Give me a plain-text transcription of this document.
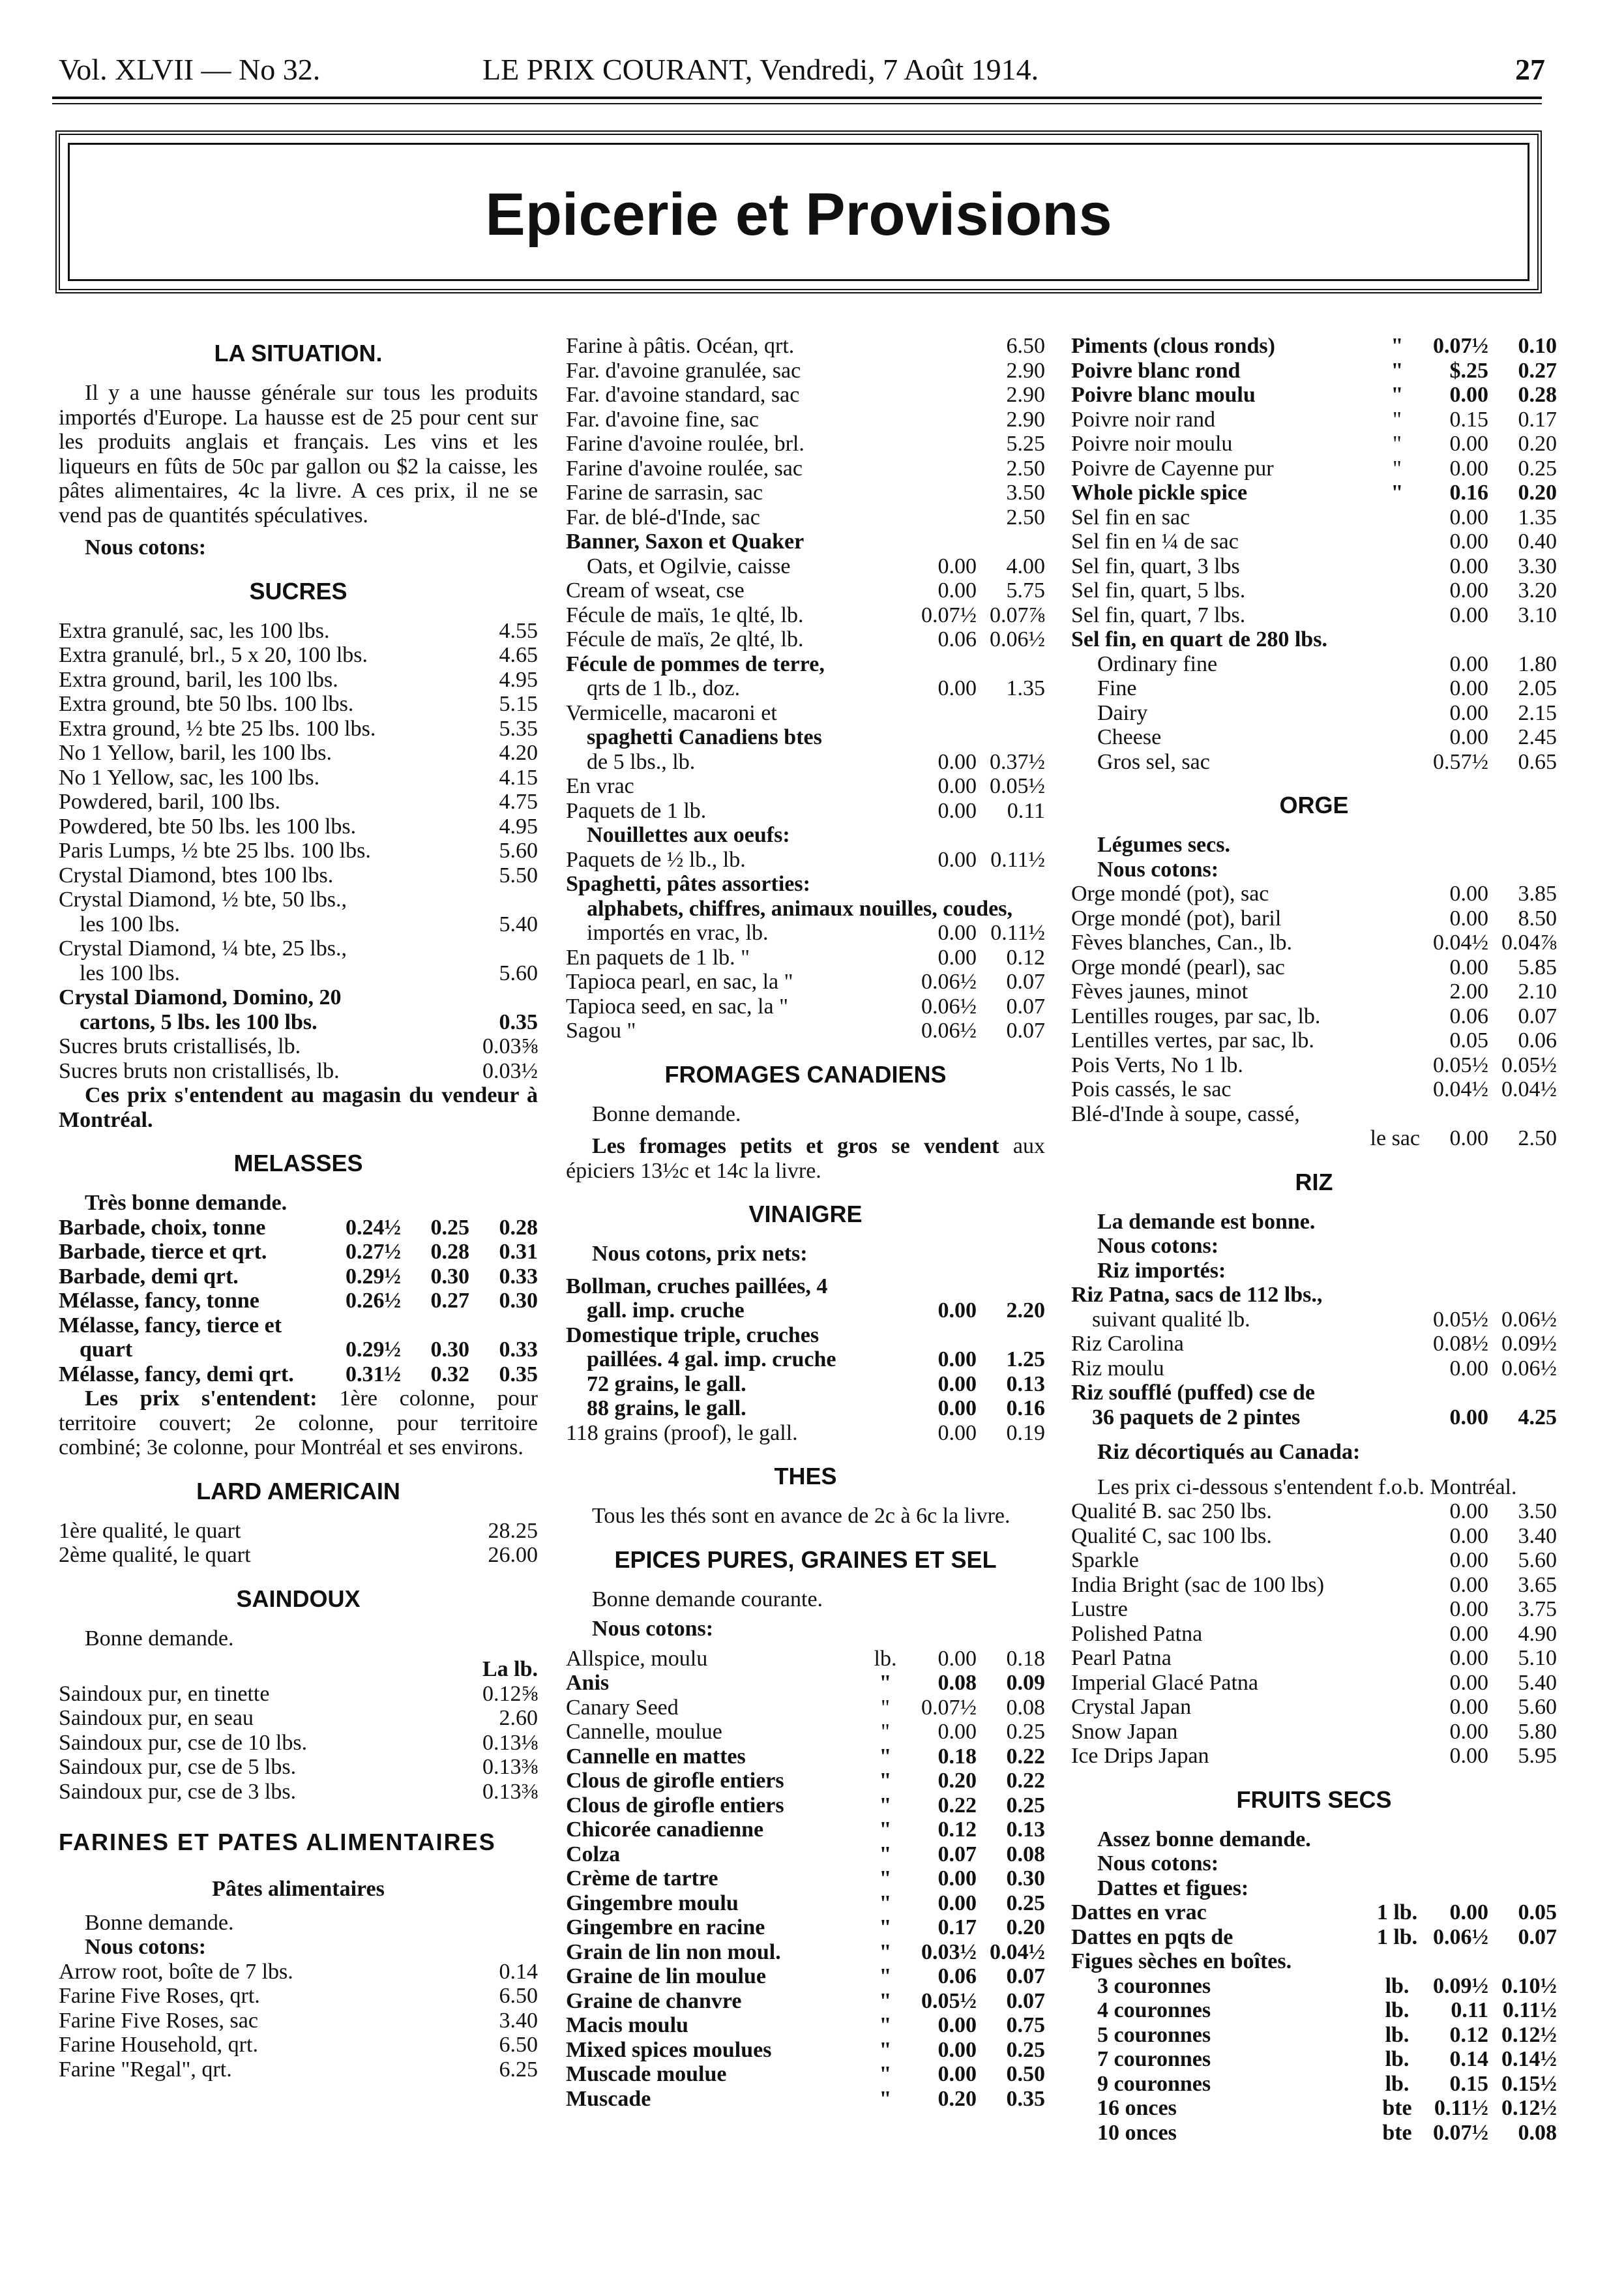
Vol. XLVII — No 32.	LE PRIX COURANT, Vendredi, 7 Août 1914.	27
Epicerie et Provisions
LA SITUATION.
Il y a une hausse générale sur tous les produits importés d'Europe. La hausse est de 25 pour cent sur les produits anglais et français. Les vins et les liqueurs en fûts de 50c par gallon ou $2 la caisse, les pâtes alimentaires, 4c la livre. A ces prix, il ne se vend pas de quantités spéculatives.
Nous cotons:
SUCRES
Extra granulé, sac, les 100 lbs.	4.55
Extra granulé, brl., 5 x 20, 100 lbs.	4.65
Extra ground, baril, les 100 lbs.	4.95
Extra ground, bte 50 lbs. 100 lbs.	5.15
Extra ground, ½ bte 25 lbs. 100 lbs.	5.35
No 1 Yellow, baril, les 100 lbs.	4.20
No 1 Yellow, sac, les 100 lbs.	4.15
Powdered, baril, 100 lbs.	4.75
Powdered, bte 50 lbs. les 100 lbs.	4.95
Paris Lumps, ½ bte 25 lbs. 100 lbs.	5.60
Crystal Diamond, btes 100 lbs.	5.50
Crystal Diamond, ½ bte, 50 lbs.,
les 100 lbs.	5.40
Crystal Diamond, ¼ bte, 25 lbs.,
les 100 lbs.	5.60
Crystal Diamond, Domino, 20
cartons, 5 lbs. les 100 lbs.	0.35
Sucres bruts cristallisés, lb.	0.03⅝
Sucres bruts non cristallisés, lb.	0.03½
Ces prix s'entendent au magasin du vendeur à Montréal.
MELASSES
Très bonne demande.
Barbade, choix, tonne	0.24½	0.25	0.28
Barbade, tierce et qrt.	0.27½	0.28	0.31
Barbade, demi qrt.	0.29½	0.30	0.33
Mélasse, fancy, tonne	0.26½	0.27	0.30
Mélasse, fancy, tierce et
quart	0.29½	0.30	0.33
Mélasse, fancy, demi qrt.	0.31½	0.32	0.35
Les prix s'entendent: 1ère colonne, pour territoire couvert; 2e colonne, pour territoire combiné; 3e colonne, pour Montréal et ses environs.
LARD AMERICAIN
1ère qualité, le quart	28.25
2ème qualité, le quart	26.00
SAINDOUX
Bonne demande.
La lb.
Saindoux pur, en tinette	0.12⅝
Saindoux pur, en seau	2.60
Saindoux pur, cse de 10 lbs.	0.13⅛
Saindoux pur, cse de 5 lbs.	0.13⅜
Saindoux pur, cse de 3 lbs.	0.13⅜
FARINES ET PATES ALIMENTAIRES
Pâtes alimentaires
Bonne demande.
Nous cotons:
Arrow root, boîte de 7 lbs.	0.14
Farine Five Roses, qrt.	6.50
Farine Five Roses, sac	3.40
Farine Household, qrt.	6.50
Farine "Regal", qrt.	6.25
Farine à pâtis. Océan, qrt.	6.50
Far. d'avoine granulée, sac	2.90
Far. d'avoine standard, sac	2.90
Far. d'avoine fine, sac	2.90
Farine d'avoine roulée, brl.	5.25
Farine d'avoine roulée, sac	2.50
Farine de sarrasin, sac	3.50
Far. de blé-d'Inde, sac	2.50
Banner, Saxon et Quaker
Oats, et Ogilvie, caisse	0.00	4.00
Cream of wseat, cse	0.00	5.75
Fécule de maïs, 1e qlté, lb.	0.07½ 0.07⅞
Fécule de maïs, 2e qlté, lb.	0.06 0.06½
Fécule de pommes de terre,
qrts de 1 lb., doz.	0.00	1.35
Vermicelle, macaroni et
spaghetti Canadiens btes
de 5 lbs., lb.	0.00 0.37½
En vrac	0.00 0.05½
Paquets de 1 lb.	0.00	0.11
Nouillettes aux oeufs:
Paquets de ½ lb., lb.	0.00 0.11½
Spaghetti, pâtes assorties:
alphabets, chiffres, animaux nouilles, coudes,
importés en vrac, lb.	0.00 0.11½
En paquets de 1 lb. "	0.00	0.12
Tapioca pearl, en sac, la "	0.06½	0.07
Tapioca seed, en sac, la "	0.06½	0.07
Sagou "	0.06½	0.07
FROMAGES CANADIENS
Bonne demande.
Les fromages petits et gros se vendent aux épiciers 13½c et 14c la livre.
VINAIGRE
Nous cotons, prix nets:
Bollman, cruches paillées, 4
gall. imp. cruche	0.00	2.20
Domestique triple, cruches
paillées. 4 gal. imp. cruche	0.00	1.25
72 grains, le gall.	0.00	0.13
88 grains, le gall.	0.00	0.16
118 grains (proof), le gall.	0.00	0.19
THES
Tous les thés sont en avance de 2c à 6c la livre.
EPICES PURES, GRAINES ET SEL
Bonne demande courante.
Nous cotons:
Allspice, moulu	lb.	0.00	0.18
Anis	"	0.08	0.09
Canary Seed	"	0.07½	0.08
Cannelle, moulue	"	0.00	0.25
Cannelle en mattes	"	0.18	0.22
Clous de girofle entiers	"	0.20	0.22
Clous de girofle entiers	"	0.22	0.25
Chicorée canadienne	"	0.12	0.13
Colza	"	0.07	0.08
Crème de tartre	"	0.00	0.30
Gingembre moulu	"	0.00	0.25
Gingembre en racine	"	0.17	0.20
Grain de lin non moul.	"	0.03½ 0.04½
Graine de lin moulue	"	0.06	0.07
Graine de chanvre	"	0.05½	0.07
Macis moulu	"	0.00	0.75
Mixed spices moulues	"	0.00	0.25
Muscade moulue	"	0.00	0.50
Muscade	"	0.20	0.35
Piments (clous ronds)	"	0.07½	0.10
Poivre blanc rond	"	$.25	0.27
Poivre blanc moulu	"	0.00	0.28
Poivre noir rand	"	0.15	0.17
Poivre noir moulu	"	0.00	0.20
Poivre de Cayenne pur	"	0.00	0.25
Whole pickle spice	"	0.16	0.20
Sel fin en sac	0.00	1.35
Sel fin en ¼ de sac	0.00	0.40
Sel fin, quart, 3 lbs	0.00	3.30
Sel fin, quart, 5 lbs.	0.00	3.20
Sel fin, quart, 7 lbs.	0.00	3.10
Sel fin, en quart de 280 lbs.
Ordinary fine	0.00	1.80
Fine	0.00	2.05
Dairy	0.00	2.15
Cheese	0.00	2.45
Gros sel, sac	0.57½	0.65
ORGE
Légumes secs.
Nous cotons:
Orge mondé (pot), sac	0.00	3.85
Orge mondé (pot), baril	0.00	8.50
Fèves blanches, Can., lb.	0.04½ 0.04⅞
Orge mondé (pearl), sac	0.00	5.85
Fèves jaunes, minot	2.00	2.10
Lentilles rouges, par sac, lb.	0.06	0.07
Lentilles vertes, par sac, lb.	0.05	0.06
Pois Verts, No 1 lb.	0.05½ 0.05½
Pois cassés, le sac	0.04½ 0.04½
Blé-d'Inde à soupe, cassé,
le sac	0.00	2.50
RIZ
La demande est bonne.
Nous cotons:
Riz importés:
Riz Patna, sacs de 112 lbs.,
suivant qualité lb.	0.05½ 0.06½
Riz Carolina	0.08½ 0.09½
Riz moulu	0.00 0.06½
Riz soufflé (puffed) cse de
36 paquets de 2 pintes	0.00	4.25
Riz décortiqués au Canada:
Les prix ci-dessous s'entendent f.o.b. Montréal.
Qualité B. sac 250 lbs.	0.00	3.50
Qualité C, sac 100 lbs.	0.00	3.40
Sparkle	0.00	5.60
India Bright (sac de 100 lbs)	0.00	3.65
Lustre	0.00	3.75
Polished Patna	0.00	4.90
Pearl Patna	0.00	5.10
Imperial Glacé Patna	0.00	5.40
Crystal Japan	0.00	5.60
Snow Japan	0.00	5.80
Ice Drips Japan	0.00	5.95
FRUITS SECS
Assez bonne demande.
Nous cotons:
Dattes et figues:
Dattes en vrac	1 lb.	0.00	0.05
Dattes en pqts de	1 lb. 0.06½	0.07
Figues sèches en boîtes.
3 couronnes	lb.	0.09½ 0.10½
4 couronnes	lb.	0.11 0.11½
5 couronnes	lb.	0.12 0.12½
7 couronnes	lb.	0.14 0.14½
9 couronnes	lb.	0.15 0.15½
16 onces	bte	0.11½ 0.12½
10 onces	bte 0.07½	0.08
